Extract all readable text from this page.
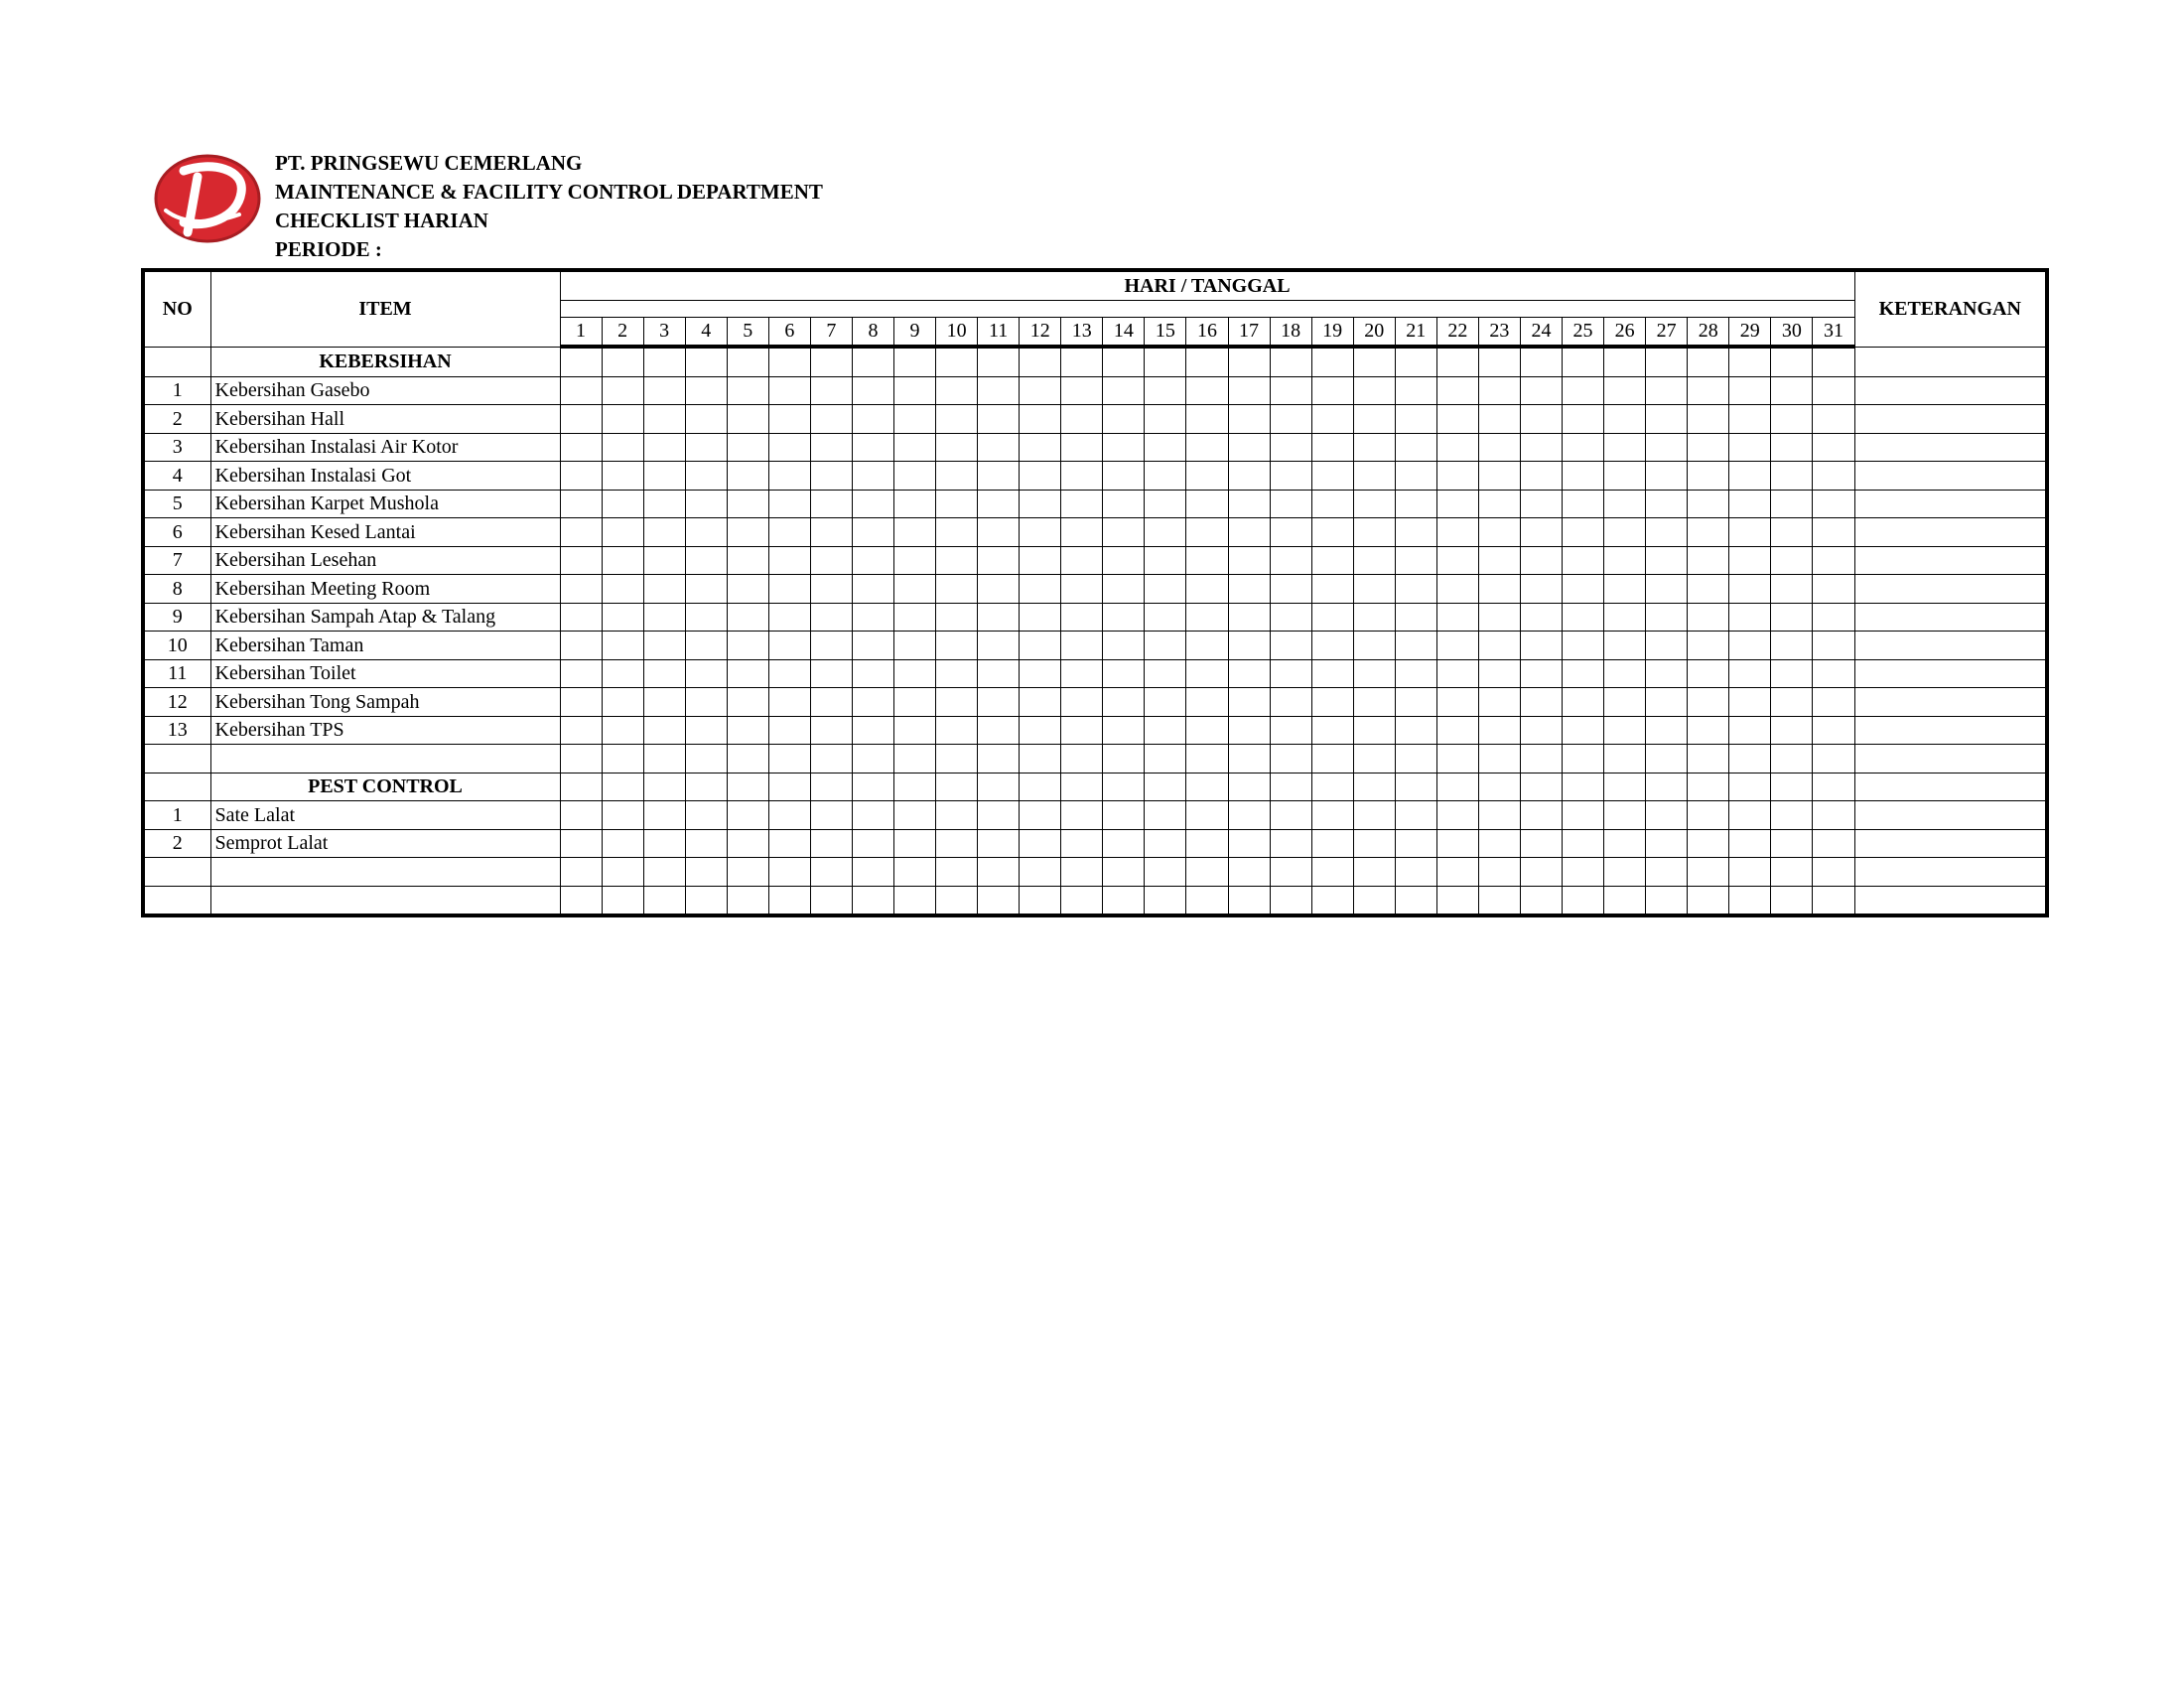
PT. PRINGSEWU CEMERLANG
MAINTENANCE & FACILITY CONTROL DEPARTMENT
CHECKLIST HARIAN
PERIODE :
NO	ITEM	HARI / TANGGAL																															KETERANGAN

		1	2	3	4	5	6	7	8	9	10	11	12	13	14	15	16	17	18	19	20	21	22	23	24	25	26	27	28	29	30	31	
	KEBERSIHAN																																
1	Kebersihan Gasebo																																
2	Kebersihan Hall																																
3	Kebersihan Instalasi Air Kotor																																
4	Kebersihan Instalasi Got																																
5	Kebersihan Karpet Mushola																																
6	Kebersihan Kesed Lantai																																
7	Kebersihan Lesehan																																
8	Kebersihan Meeting Room																																
9	Kebersihan Sampah Atap & Talang																																
10	Kebersihan Taman																																
11	Kebersihan Toilet																																
12	Kebersihan Tong Sampah																																
13	Kebersihan TPS																																

	PEST CONTROL																																
1	Sate Lalat																																
2	Semprot Lalat																																
